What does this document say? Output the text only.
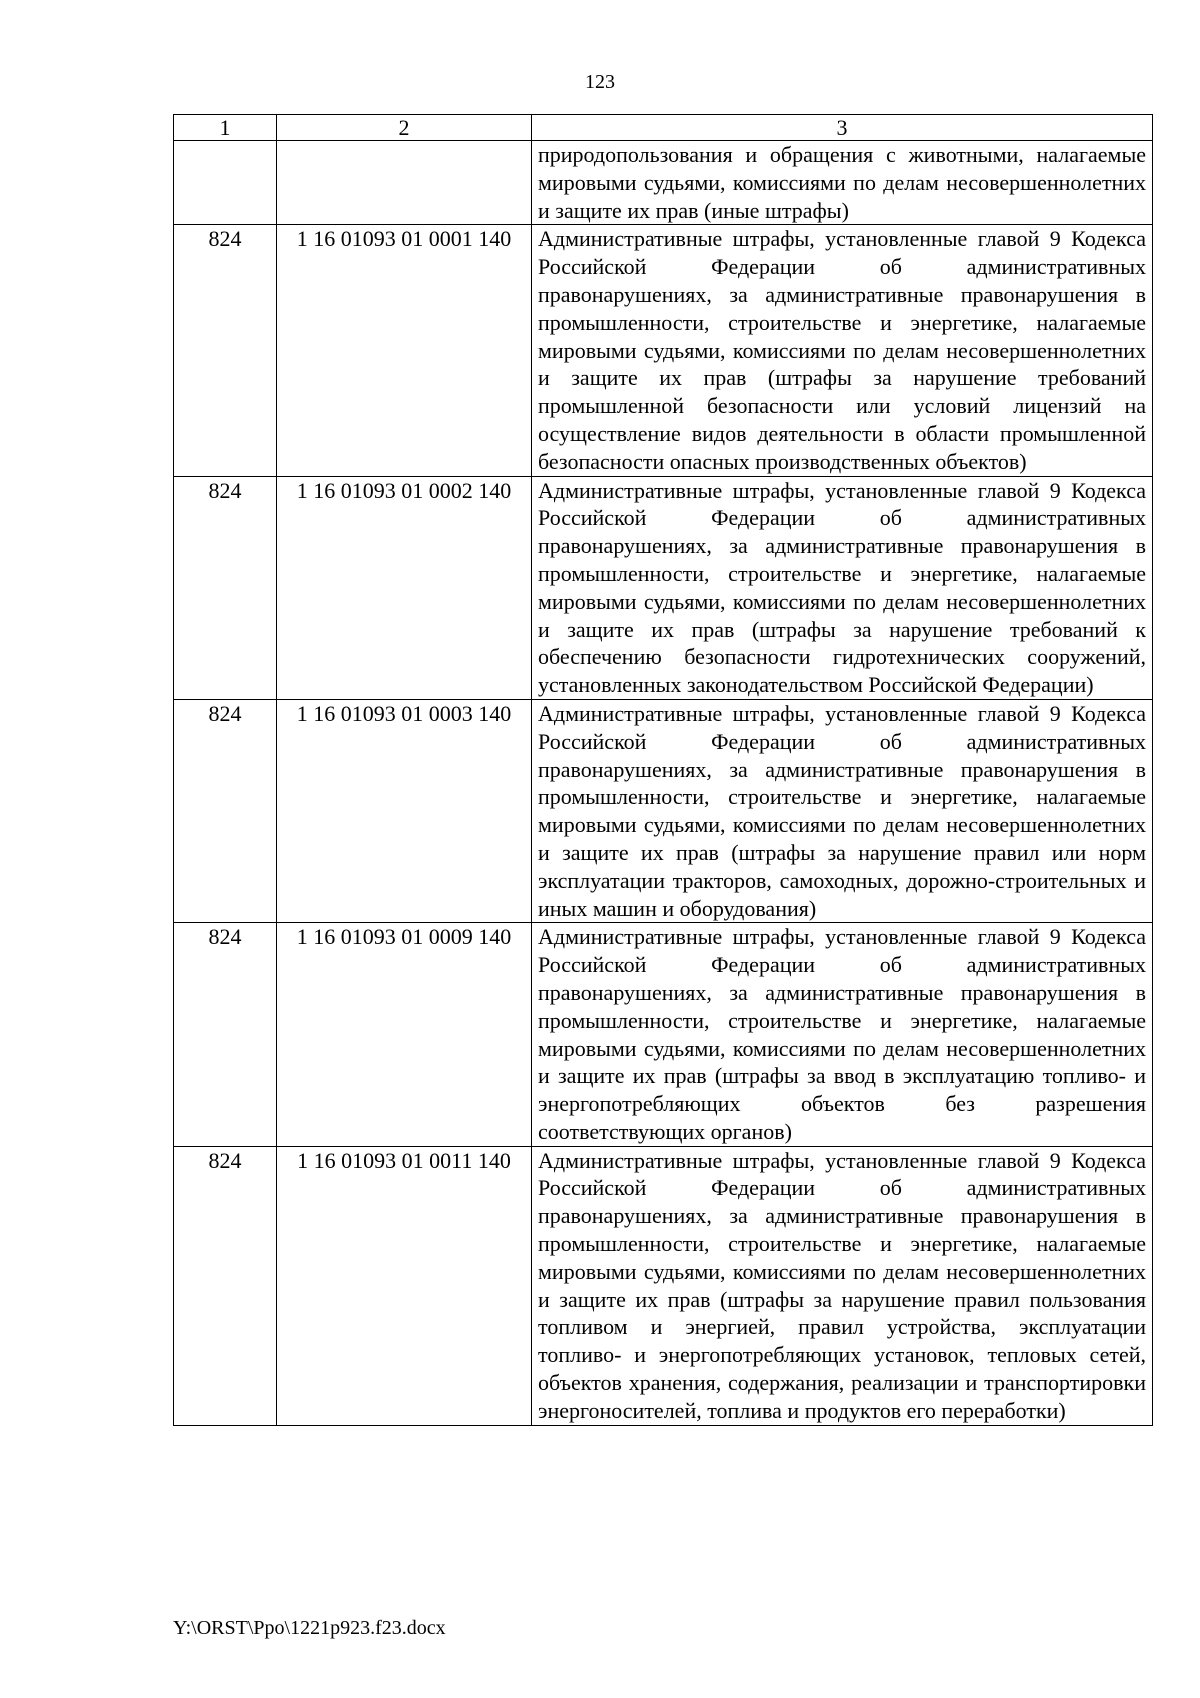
123
1	2	3
		природопользования и обращения с животными, налагаемые мировыми судьями, комиссиями по делам несовершеннолетних и защите их прав (иные штрафы)
824	1 16 01093 01 0001 140	Административные штрафы, установленные главой 9 Кодекса Российской Федерации об административных правонарушениях, за административные правонарушения в промышленности, строительстве и энергетике, налагаемые мировыми судьями, комиссиями по делам несовершеннолетних и защите их прав (штрафы за нарушение требований промышленной безопасности или условий лицензий на осуществление видов деятельности в области промышленной безопасности опасных производственных объектов)
824	1 16 01093 01 0002 140	Административные штрафы, установленные главой 9 Кодекса Российской Федерации об административных правонарушениях, за административные правонарушения в промышленности, строительстве и энергетике, налагаемые мировыми судьями, комиссиями по делам несовершеннолетних и защите их прав (штрафы за нарушение требований к обеспечению безопасности гидротехнических сооружений, установленных законодательством Российской Федерации)
824	1 16 01093 01 0003 140	Административные штрафы, установленные главой 9 Кодекса Российской Федерации об административных правонарушениях, за административные правонарушения в промышленности, строительстве и энергетике, налагаемые мировыми судьями, комиссиями по делам несовершеннолетних и защите их прав (штрафы за нарушение правил или норм эксплуатации тракторов, самоходных, дорожно-строительных и иных машин и оборудования)
824	1 16 01093 01 0009 140	Административные штрафы, установленные главой 9 Кодекса Российской Федерации об административных правонарушениях, за административные правонарушения в промышленности, строительстве и энергетике, налагаемые мировыми судьями, комиссиями по делам несовершеннолетних и защите их прав (штрафы за ввод в эксплуатацию топливо- и энергопотребляющих объектов без разрешения соответствующих органов)
824	1 16 01093 01 0011 140	Административные штрафы, установленные главой 9 Кодекса Российской Федерации об административных правонарушениях, за административные правонарушения в промышленности, строительстве и энергетике, налагаемые мировыми судьями, комиссиями по делам несовершеннолетних и защите их прав (штрафы за нарушение правил пользования топливом и энергией, правил устройства, эксплуатации топливо- и энергопотребляющих установок, тепловых сетей, объектов хранения, содержания, реализации и транспортировки энергоносителей, топлива и продуктов его переработки)
Y:\ORST\Ppo\1221p923.f23.docx
